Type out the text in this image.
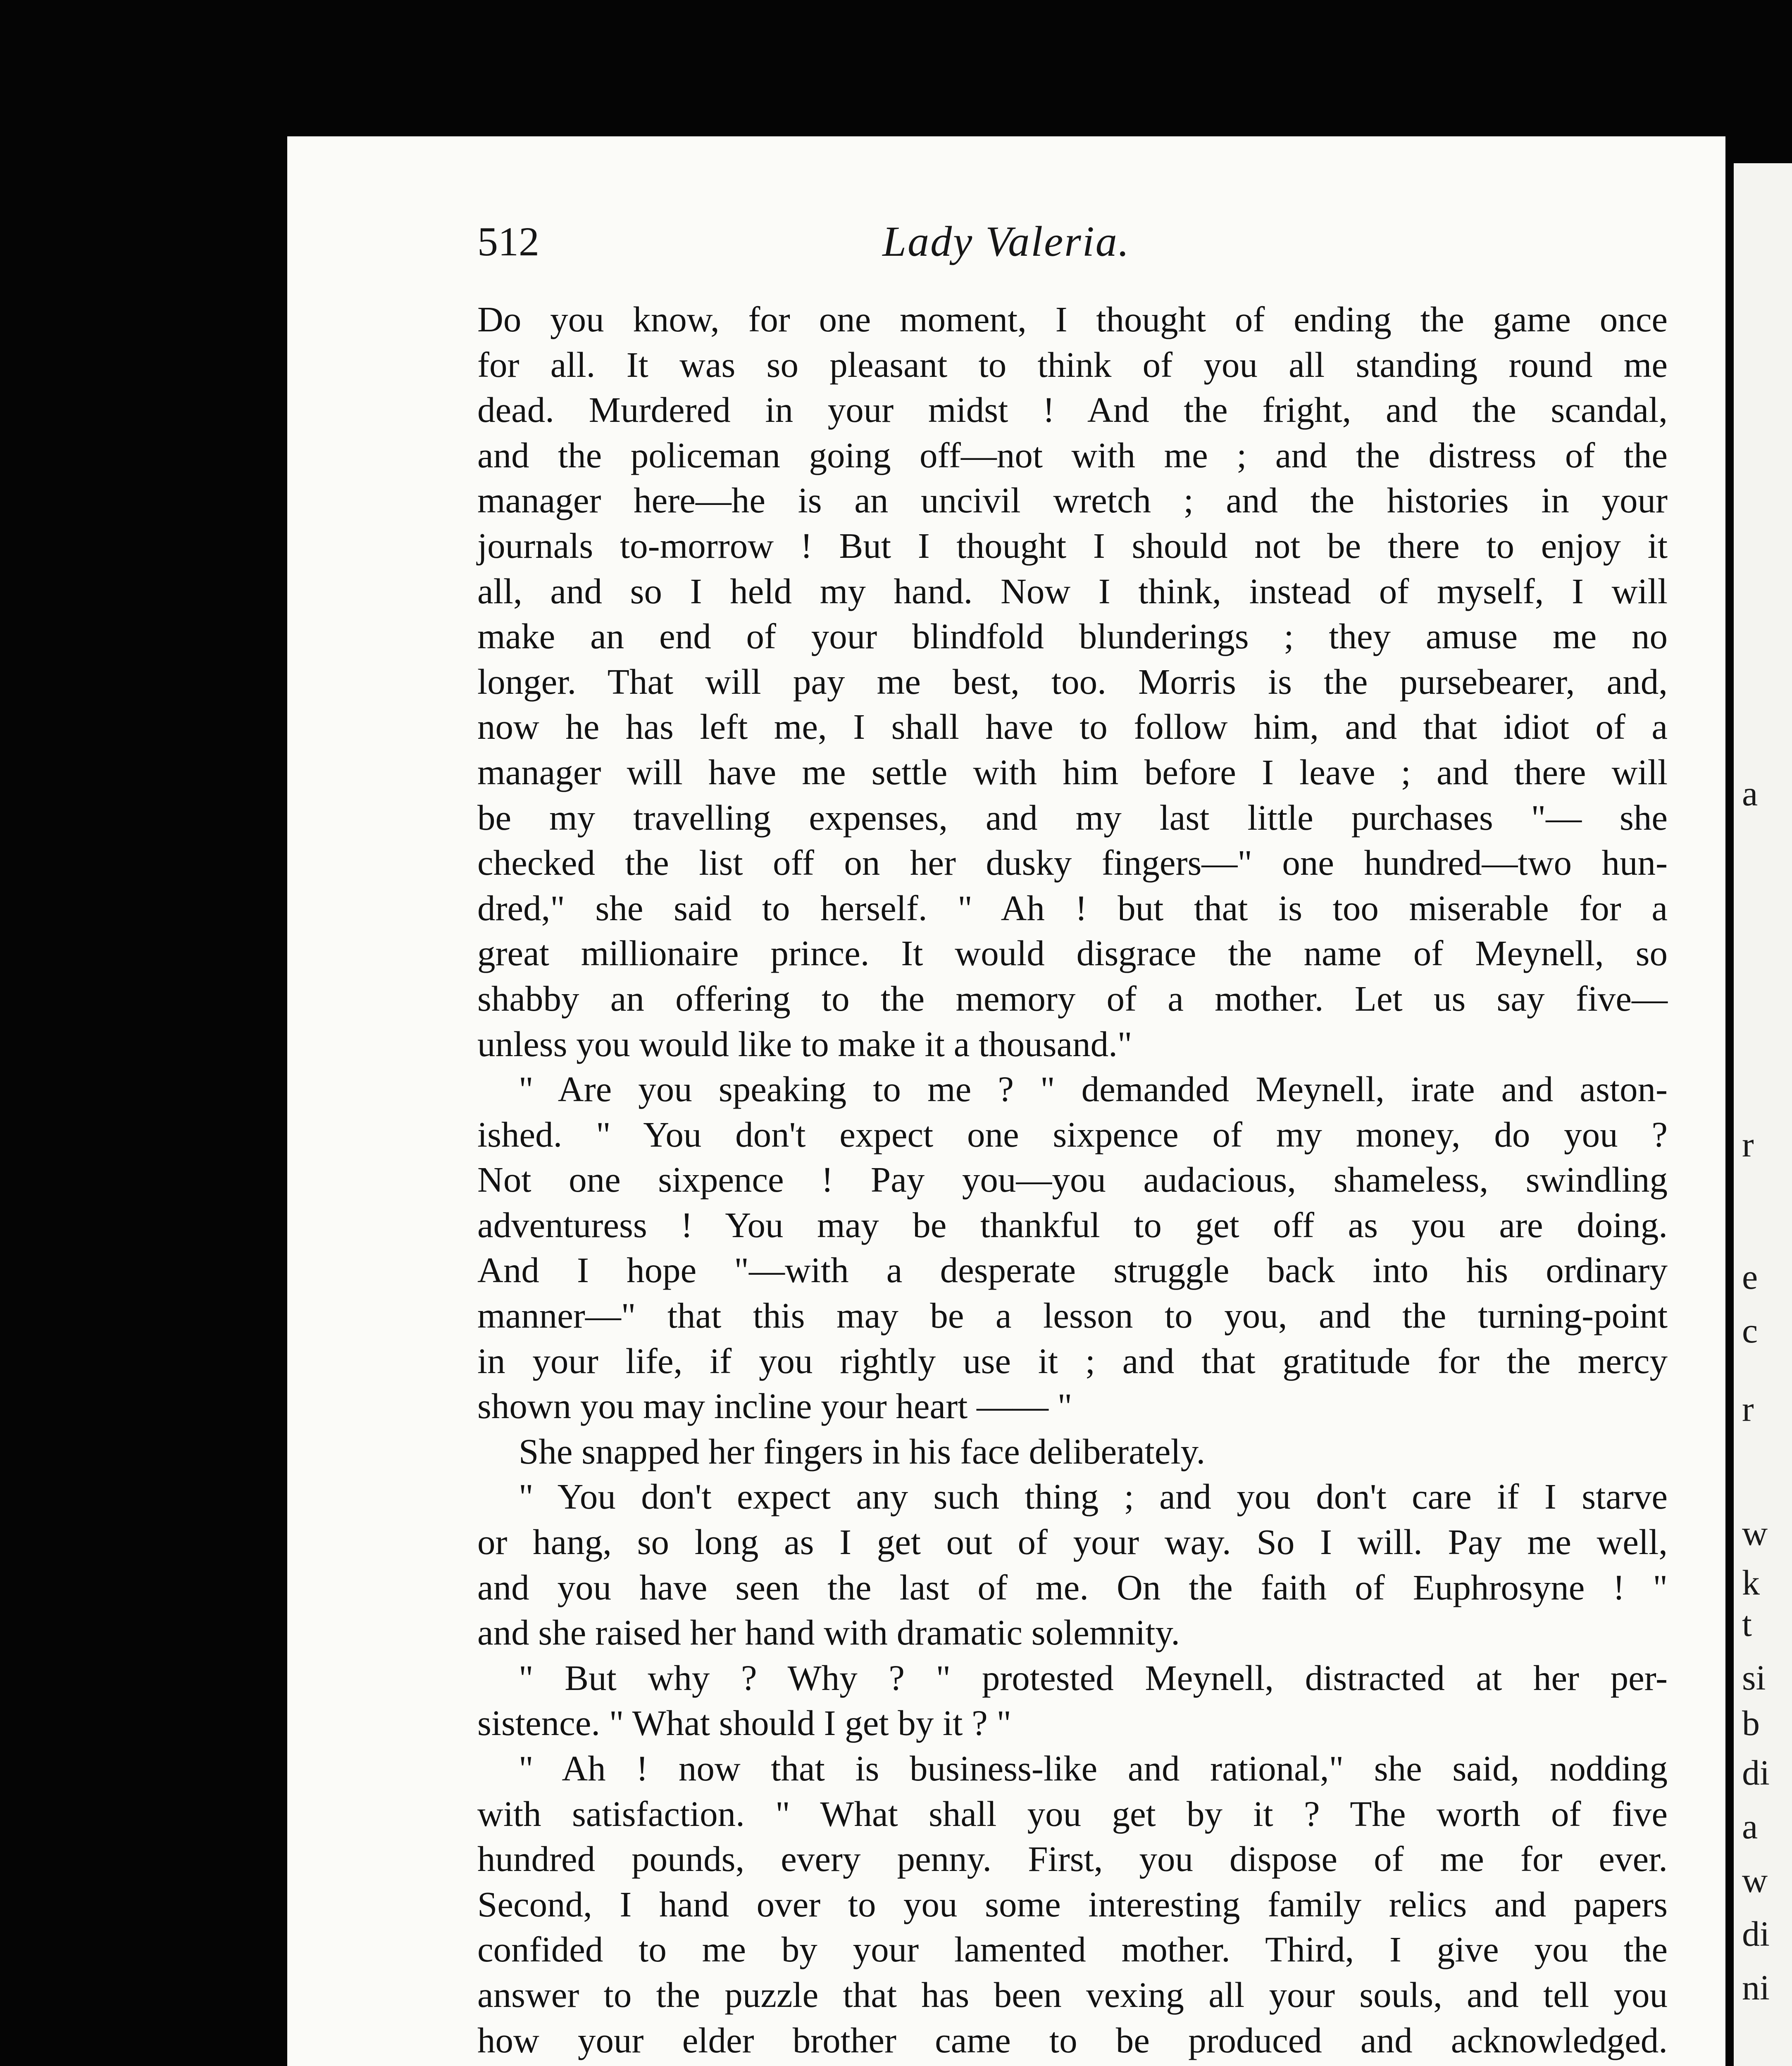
512	Lady Valeria.

Do you know, for one moment, I thought of ending the game once

for all. It was so pleasant to think of you all standing round me

dead. Murdered in your midst ! And the fright, and the scandal,

and the policeman going off—not with me ; and the distress of the

manager here—he is an uncivil wretch ; and the histories in your

journals to-morrow ! But I thought I should not be there to enjoy it

all, and so I held my hand. Now I think, instead of myself, I will

make an end of your blindfold blunderings ; they amuse me no

longer. That will pay me best, too. Morris is the pursebearer, and,

now he has left me, I shall have to follow him, and that idiot of a

manager will have me settle with him before I leave ; and there will

be my travelling expenses, and my last little purchases "— she

checked the list off on her dusky fingers—" one hundred—two hun-

dred," she said to herself. " Ah ! but that is too miserable for a

great millionaire prince. It would disgrace the name of Meynell, so

shabby an offering to the memory of a mother. Let us say five—

unless you would like to make it a thousand."

" Are you speaking to me ? " demanded Meynell, irate and aston-

ished. " You don't expect one sixpence of my money, do you ?

Not one sixpence ! Pay you—you audacious, shameless, swindling

adventuress ! You may be thankful to get off as you are doing.

And I hope "—with a desperate struggle back into his ordinary

manner—" that this may be a lesson to you, and the turning-point

in your life, if you rightly use it ; and that gratitude for the mercy

shown you may incline your heart —— "

She snapped her fingers in his face deliberately.

" You don't expect any such thing ; and you don't care if I starve

or hang, so long as I get out of your way. So I will. Pay me well,

and you have seen the last of me. On the faith of Euphrosyne ! "

and she raised her hand with dramatic solemnity.

" But why ? Why ? " protested Meynell, distracted at her per-

sistence. " What should I get by it ? "

" Ah ! now that is business-like and rational," she said, nodding

with satisfaction. " What shall you get by it ? The worth of five

hundred pounds, every penny. First, you dispose of me for ever.

Second, I hand over to you some interesting family relics and papers

confided to me by your lamented mother. Third, I give you the

answer to the puzzle that has been vexing all your souls, and tell you

how your elder brother came to be produced and acknowledged.

a
r
e
c
r
w
k
t
si
b
di
a
w
di
ni
